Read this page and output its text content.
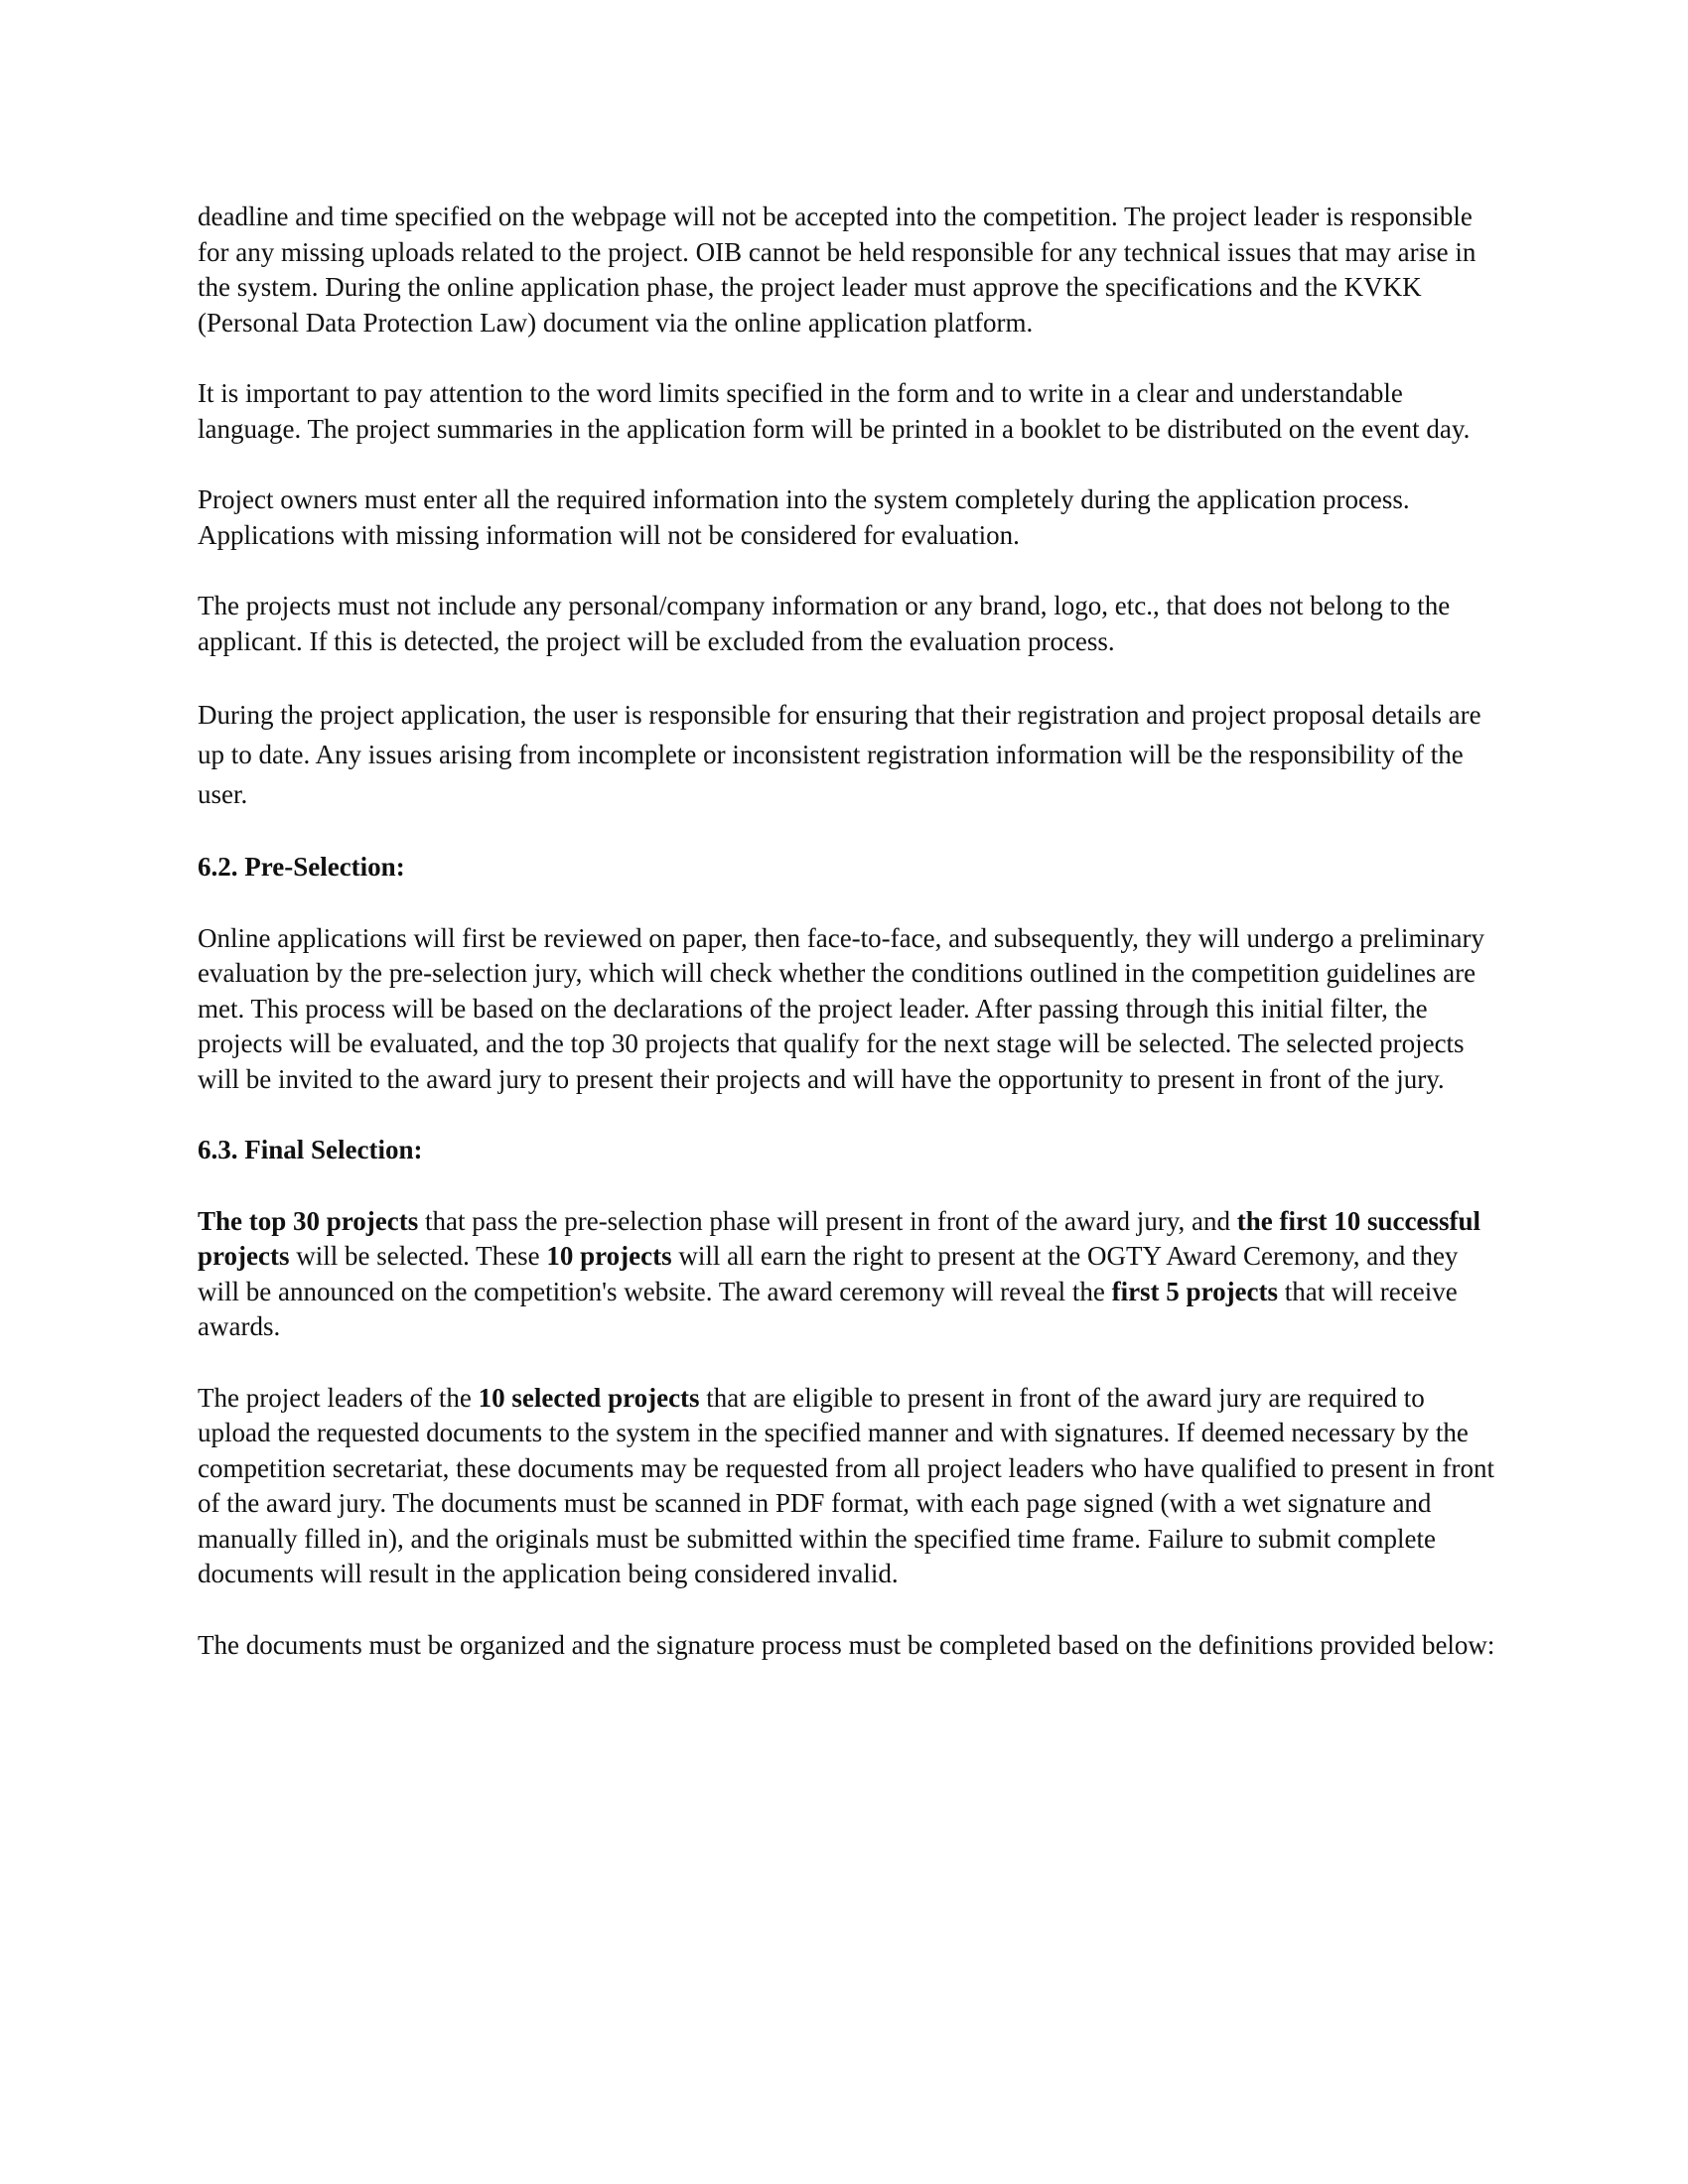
deadline and time specified on the webpage will not be accepted into the competition. The project leader is responsible for any missing uploads related to the project. OIB cannot be held responsible for any technical issues that may arise in the system. During the online application phase, the project leader must approve the specifications and the KVKK (Personal Data Protection Law) document via the online application platform.

It is important to pay attention to the word limits specified in the form and to write in a clear and understandable language. The project summaries in the application form will be printed in a booklet to be distributed on the event day.

Project owners must enter all the required information into the system completely during the application process. Applications with missing information will not be considered for evaluation.

The projects must not include any personal/company information or any brand, logo, etc., that does not belong to the applicant. If this is detected, the project will be excluded from the evaluation process.

During the project application, the user is responsible for ensuring that their registration and project proposal details are up to date. Any issues arising from incomplete or inconsistent registration information will be the responsibility of the user.

6.2. Pre-Selection:

Online applications will first be reviewed on paper, then face-to-face, and subsequently, they will undergo a preliminary evaluation by the pre-selection jury, which will check whether the conditions outlined in the competition guidelines are met. This process will be based on the declarations of the project leader. After passing through this initial filter, the projects will be evaluated, and the top 30 projects that qualify for the next stage will be selected. The selected projects will be invited to the award jury to present their projects and will have the opportunity to present in front of the jury.

6.3. Final Selection:

The top 30 projects that pass the pre-selection phase will present in front of the award jury, and the first 10 successful projects will be selected. These 10 projects will all earn the right to present at the OGTY Award Ceremony, and they will be announced on the competition's website. The award ceremony will reveal the first 5 projects that will receive awards.

The project leaders of the 10 selected projects that are eligible to present in front of the award jury are required to upload the requested documents to the system in the specified manner and with signatures. If deemed necessary by the competition secretariat, these documents may be requested from all project leaders who have qualified to present in front of the award jury. The documents must be scanned in PDF format, with each page signed (with a wet signature and manually filled in), and the originals must be submitted within the specified time frame. Failure to submit complete documents will result in the application being considered invalid.

The documents must be organized and the signature process must be completed based on the definitions provided below:
